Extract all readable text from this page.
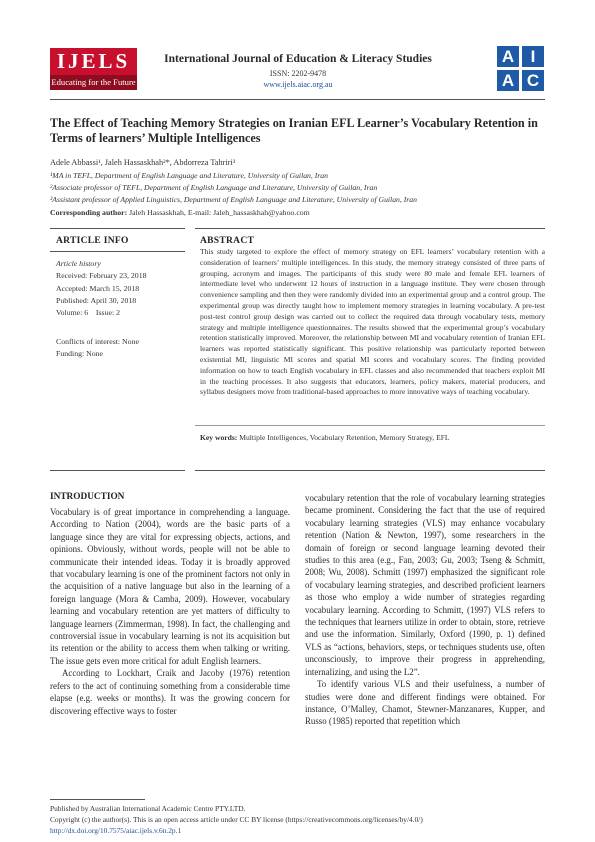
IJELS
Educating for the Future
International Journal of Education & Literacy Studies
ISSN: 2202-9478
www.ijels.aiac.org.au
A I
A C
The Effect of Teaching Memory Strategies on Iranian EFL Learner’s Vocabulary Retention in Terms of learners’ Multiple Intelligences
Adele Abbassi¹, Jaleh Hassaskhah²*, Abdorreza Tahriri³
¹MA in TEFL, Department of English Language and Literature, University of Guilan, Iran
²Associate professor of TEFL, Department of English Language and Literature, University of Guilan, Iran
³Assistant professor of Applied Linguistics, Department of English Language and Literature, University of Guilan, Iran
Corresponding author: Jaleh Hassaskhah, E-mail: Jaleh_hassaskhah@yahoo.com
ARTICLE INFO
Article history
Received: February 23, 2018
Accepted: March 15, 2018
Published: April 30, 2018
Volume: 6    Issue: 2
Conflicts of interest: None
Funding: None
ABSTRACT
This study targeted to explore the effect of memory strategy on EFL learners’ vocabulary retention with a consideration of learners’ multiple intelligences. In this study, the memory strategy consisted of three parts of grouping, acronym and images. The participants of this study were 80 male and female EFL learners of intermediate level who underwent 12 hours of instruction in a language institute. They were chosen through convenience sampling and then they were randomly divided into an experimental group and a control group. The experimental group was directly taught how to implement memory strategies in learning vocabulary. A pre-test post-test control group design was carried out to collect the required data through vocabulary tests, memory strategy and multiple intelligence questionnaires. The results showed that the experimental group’s vocabulary retention statistically improved. Moreover, the relationship between MI and vocabulary retention of Iranian EFL learners was reported statistically significant. This positive relationship was particularly reported between existential MI, linguistic MI scores and spatial MI scores and vocabulary scores. The finding provided information on how to teach English vocabulary in EFL classes and also recommended that teachers exploit MI in the teaching processes. It also suggests that educators, learners, policy makers, material producers, and syllabus designers move from traditional-based approaches to more innovative ways of teaching vocabulary.
Key words: Multiple Intelligences, Vocabulary Retention, Memory Strategy, EFL
INTRODUCTION

Vocabulary is of great importance in comprehending a language. According to Nation (2004), words are the basic parts of a language since they are vital for expressing objects, actions, and opinions. Obviously, without words, people will not be able to communicate their intended ideas. Today it is broadly approved that vocabulary learning is one of the prominent factors not only in the acquisition of a native language but also in the learning of a foreign language (Mora & Camba, 2009). However, vocabulary learning and vocabulary retention are yet matters of difficulty to language learners (Zimmerman, 1998). In fact, the challenging and controversial issue in vocabulary learning is not its acquisition but its retention or the ability to access them when talking or writing. The issue gets even more critical for adult English learners.

According to Lockhart, Craik and Jacoby (1976) retention refers to the act of continuing something from a considerable time elapse (e.g. weeks or months). It was the growing concern for discovering effective ways to foster

vocabulary retention that the role of vocabulary learning strategies became prominent. Considering the fact that the use of required vocabulary learning strategies (VLS) may enhance vocabulary retention (Nation & Newton, 1997), some researchers in the domain of foreign or second language learning devoted their studies to this area (e.g., Fan, 2003; Gu, 2003; Tseng & Schmitt, 2008; Wu, 2008). Schmitt (1997) emphasized the significant role of vocabulary learning strategies, and described proficient learners as those who employ a wide number of strategies regarding vocabulary learning. According to Schmitt, (1997) VLS refers to the techniques that learners utilize in order to obtain, store, retrieve and use the information. Similarly, Oxford (1990, p. 1) defined VLS as “actions, behaviors, steps, or techniques students use, often unconsciously, to improve their progress in apprehending, internalizing, and using the L2”.

To identify various VLS and their usefulness, a number of studies were done and different findings were obtained. For instance, O’Malley, Chamot, Stewner-Manzanares, Kupper, and Russo (1985) reported that repetition which

Published by Australian International Academic Centre PTY.LTD.
Copyright (c) the author(s). This is an open access article under CC BY license (https://creativecommons.org/licenses/by/4.0/)
http://dx.doi.org/10.7575/aiac.ijels.v.6n.2p.1
